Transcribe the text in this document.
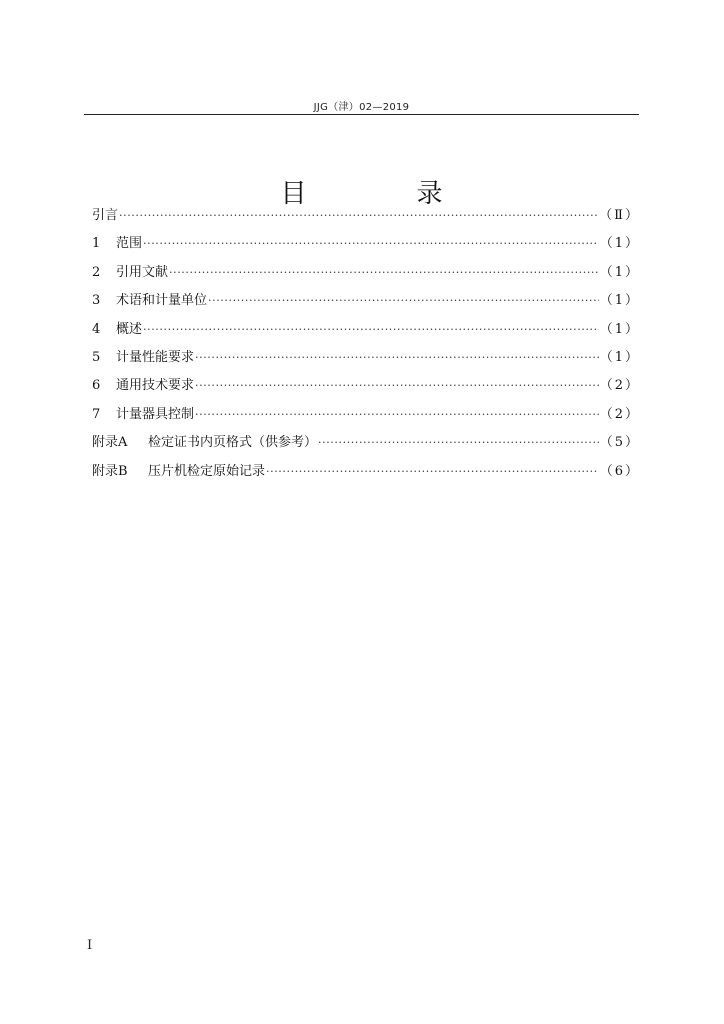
JJG（津）02—2019
目　录
引言 ·····	（Ⅱ）
1	范围 ·····	（1）
2	引用文献 ·····	（1）
3	术语和计量单位 ·····	（1）
4	概述 ·····	（1）
5	计量性能要求 ·····	（1）
6	通用技术要求 ·····	（2）
7	计量器具控制 ·····	（2）
附录A	检定证书内页格式（供参考） ·····	（5）
附录B	压片机检定原始记录 ·····	（6）
I
